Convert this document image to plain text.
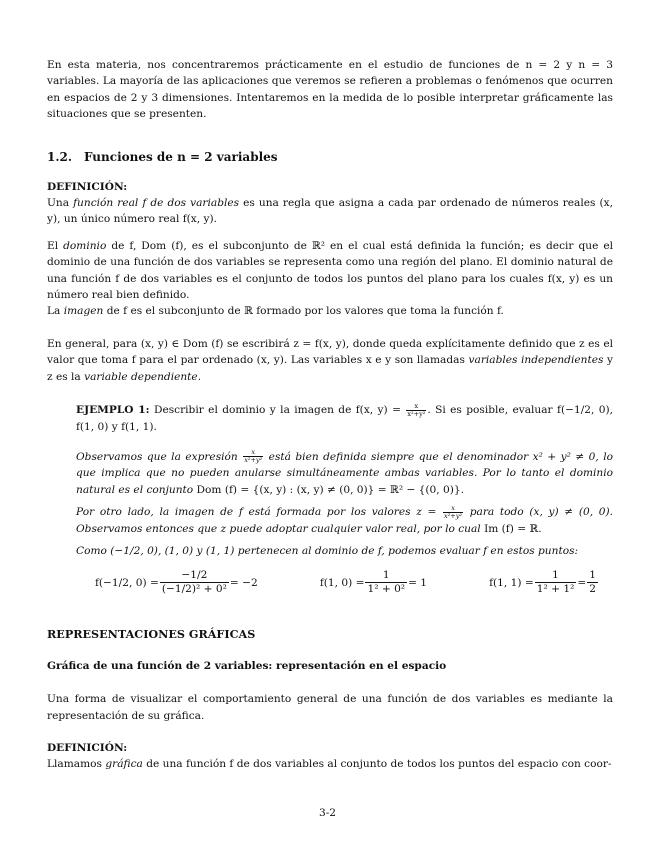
En esta materia, nos concentraremos prácticamente en el estudio de funciones de n = 2 y n = 3 variables. La mayoría de las aplicaciones que veremos se refieren a problemas o fenómenos que ocurren en espacios de 2 y 3 dimensiones. Intentaremos en la medida de lo posible interpretar gráficamente las situaciones que se presenten.

1.2. Funciones de n = 2 variables

DEFINICIÓN:

Una función real f de dos variables es una regla que asigna a cada par ordenado de números reales (x, y), un único número real f(x, y).

El dominio de f, Dom (f), es el subconjunto de ℝ² en el cual está definida la función; es decir que el dominio de una función de dos variables se representa como una región del plano. El dominio natural de una función f de dos variables es el conjunto de todos los puntos del plano para los cuales f(x, y) es un número real bien definido.

La imagen de f es el subconjunto de ℝ formado por los valores que toma la función f.

En general, para (x, y) ∈ Dom (f) se escribirá z = f(x, y), donde queda explícitamente definido que z es el valor que toma f para el par ordenado (x, y). Las variables x e y son llamadas variables independientes y z es la variable dependiente.

EJEMPLO 1: Describir el dominio y la imagen de f(x, $y) = \frac{x}{\text{x²+y²}}$ . Si es posible, evaluar f(−1/2, 0), f(1, 0) y f(1, 1).

Observamos que la expresión $\frac{x}{\text{x²+y²}}$ está bien definida siempre que el denominador x² + y² ≠ 0, lo que implica que no pueden anularse simultáneamente ambas variables. Por lo tanto el dominio natural es el conjunto Dom (f) = {(x, y) : (x, y) ≠ (0, 0)} = ℝ² − {(0, 0)}.

Por otro lado, la imagen de f está formada por los valores $z = \frac{x}{\text{x²+y²}}$ para todo (x, y) ≠ (0, 0). Observamos entonces que z puede adoptar cualquier valor real, por lo cual Im (f) = ℝ.

Como (−1/2, 0), (1, 0) y (1, 1) pertenecen al dominio de f, podemos evaluar f en estos puntos:

f(−1/2, $0) = \frac{-1/2}{\text{(−1/2)² + 0²}} = -2$	f(1, $0) = \frac{1}{\text{1² + 0²}} = 1$	f(1, $1) = \frac{1}{\text{1² + 1²}} = \frac{1}{2}$

REPRESENTACIONES GRÁFICAS

Gráfica de una función de 2 variables: representación en el espacio

Una forma de visualizar el comportamiento general de una función de dos variables es mediante la representación de su gráfica.

DEFINICIÓN:

Llamamos gráfica de una función f de dos variables al conjunto de todos los puntos del espacio con coor-

3-2
